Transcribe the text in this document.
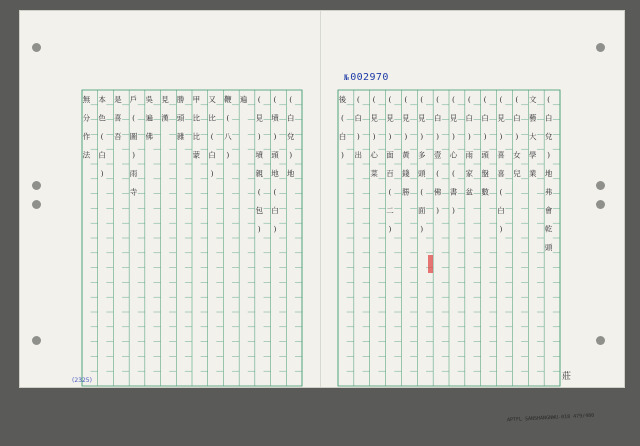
№002970
(
白
兌
)
地
(
墳
)
頭
地
(
白
)
(
見
)
墳
親
(
包
)
遍
鞭
(
八
)
又
比
(
白
)
甲
比
比
蒙
勝
頭
雜
見
漢
吳
遍
佛
戶
(
圖
)
雨
寺
是
喜
吾
本
色
(
白
)
無
分
作
法
(
白
兌
)
地
弗
會
乾
頭
文
藝
大
學
業
(
白
)
女
兒
(
見
)
喜
喜
(
白
)
(
白
)
頭
盤
數
(
白
)
雨
家
盆
(
見
)
心
(
書
)
(
白
)
壹
(
佛
)
(
見
)
多
頭
(
面
)
(
見
)
黃
錢
勝
(
見
)
面
百
(
二
)
(
見
)
心
菜
(
白
)
出
後
(
白
)
(2325)	莊
APTFL SANSHANGNWU-018 479/480
